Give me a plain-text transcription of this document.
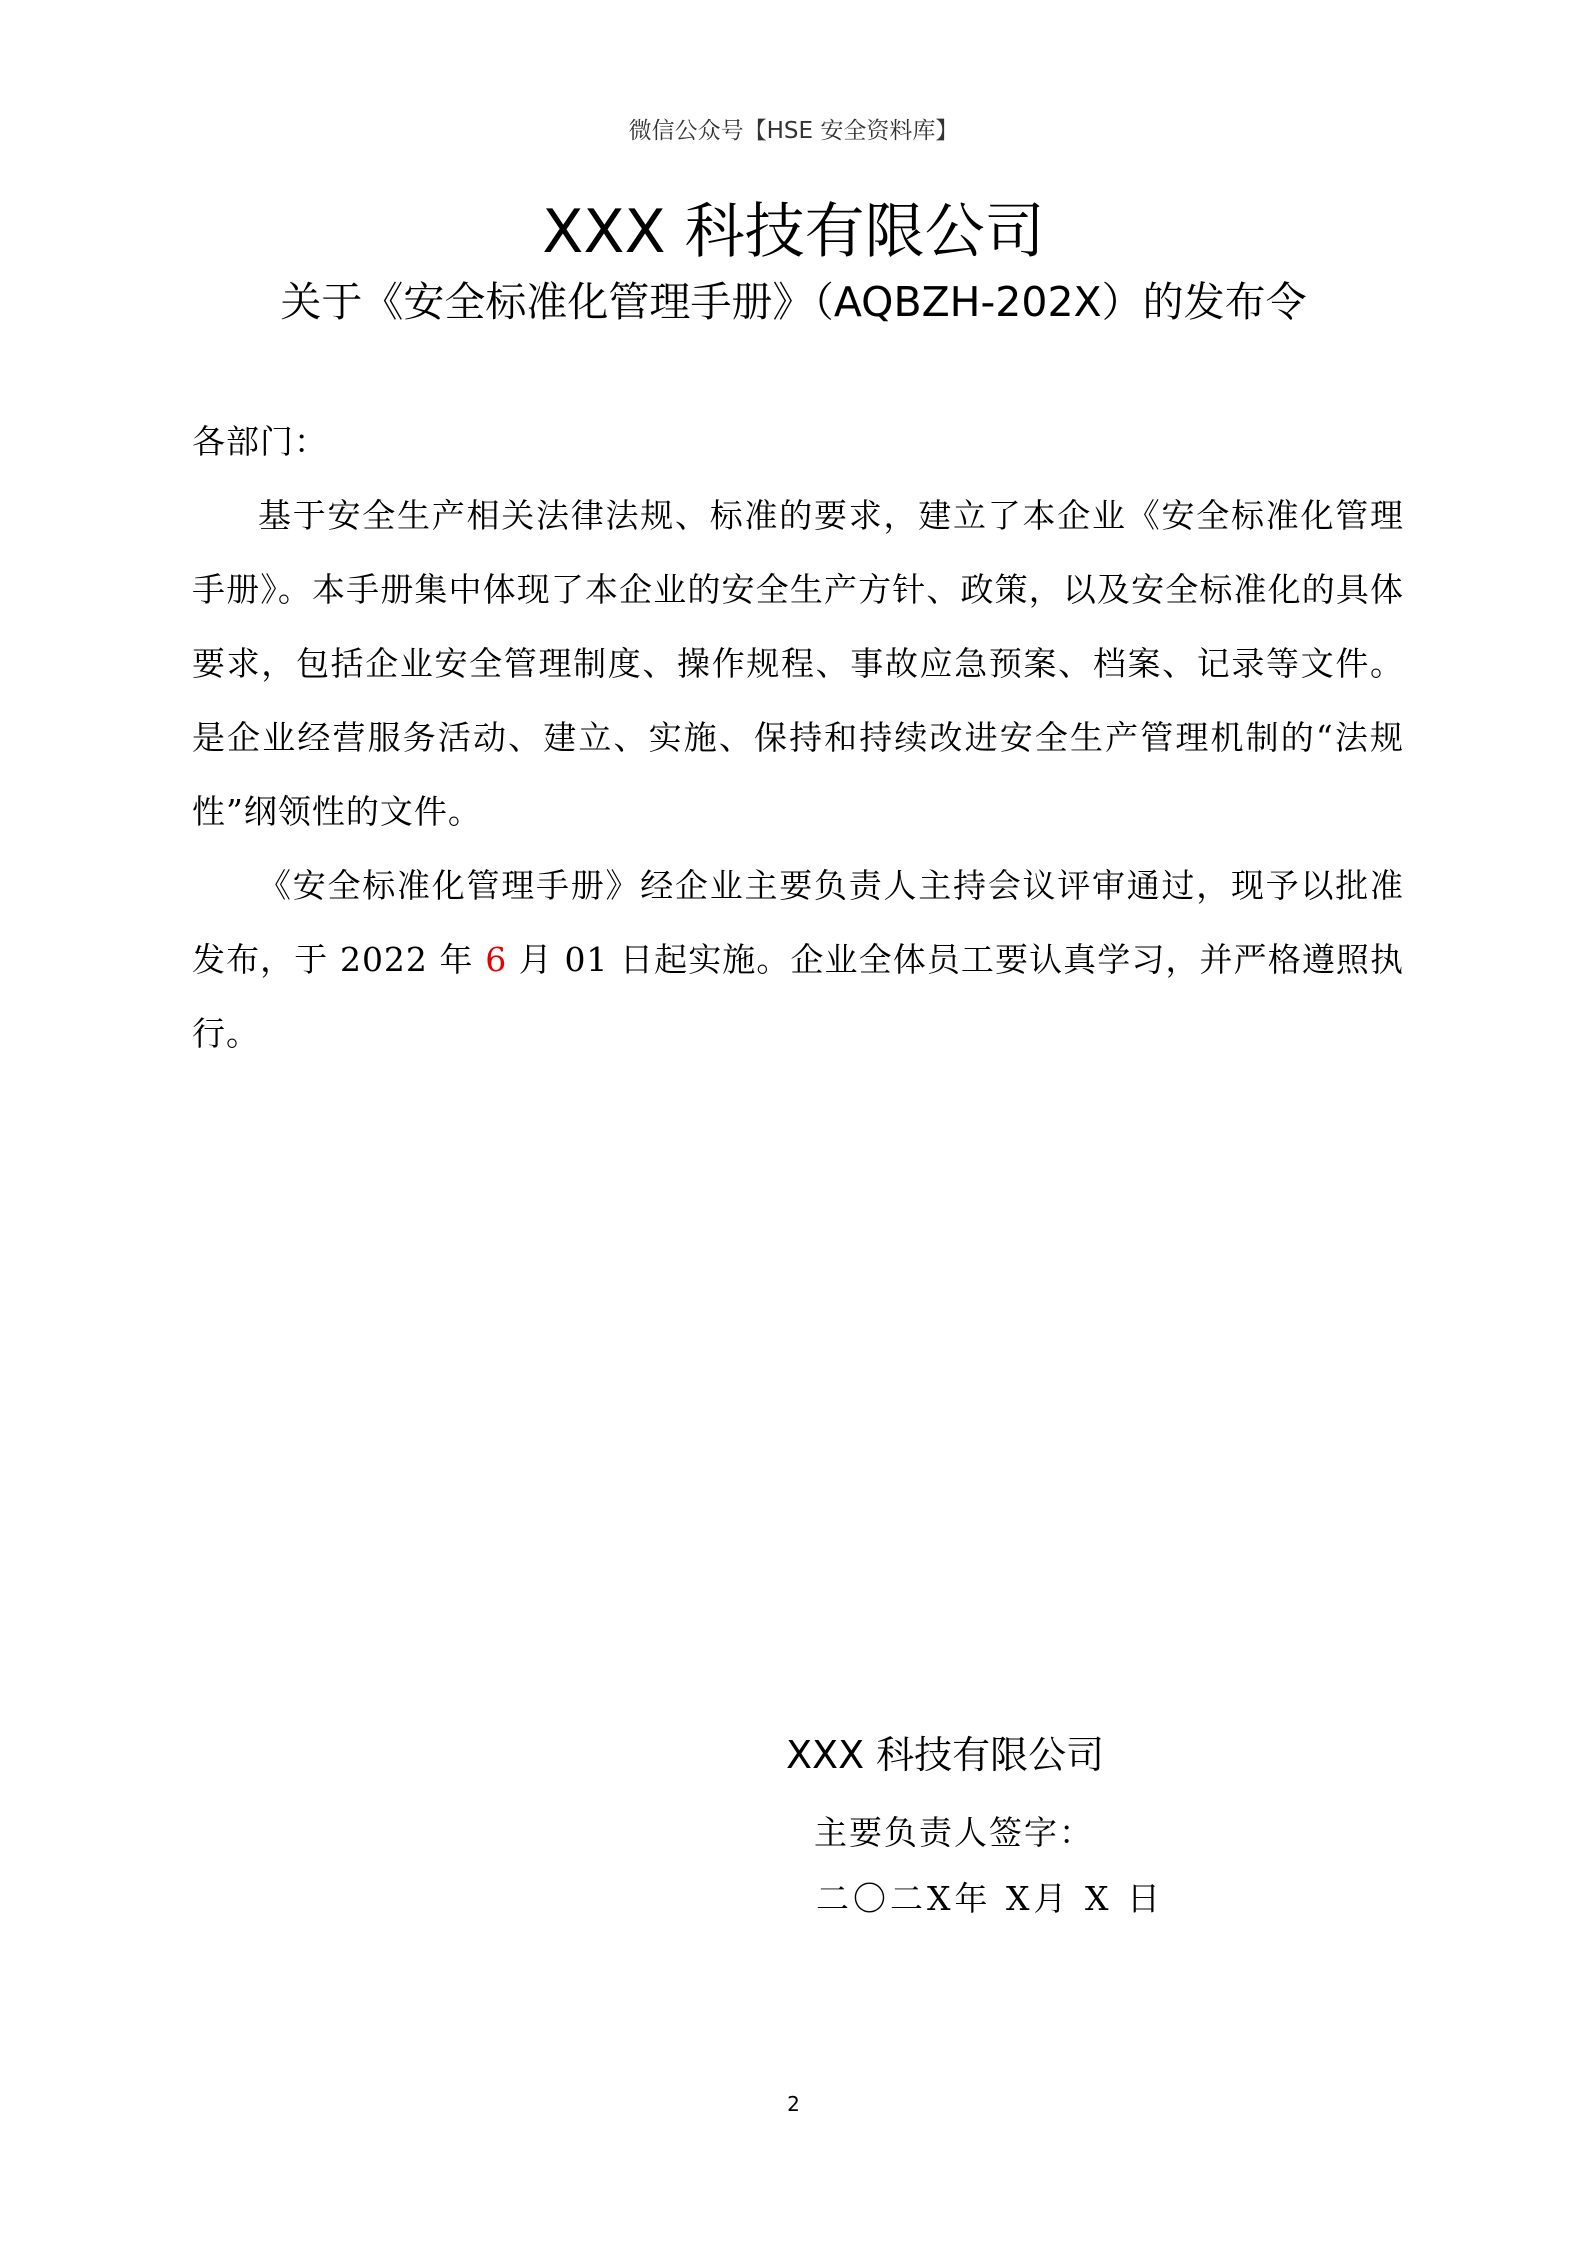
微信公众号【HSE 安全资料库】
XXX 科技有限公司
关于《安全标准化管理手册》（AQBZH-202X）的发布令

各部门：

基于安全生产相关法律法规、标准的要求，建立了本企业《安全标准化管理手册》。本手册集中体现了本企业的安全生产方针、政策，以及安全标准化的具体要求，包括企业安全管理制度、操作规程、事故应急预案、档案、记录等文件。是企业经营服务活动、建立、实施、保持和持续改进安全生产管理机制的“法规性”纲领性的文件。

《安全标准化管理手册》经企业主要负责人主持会议评审通过，现予以批准发布，于 2022 年 6 月 01 日起实施。企业全体员工要认真学习，并严格遵照执行。

XXX 科技有限公司
主要负责人签字：
二〇二X年 X月 X 日
2
